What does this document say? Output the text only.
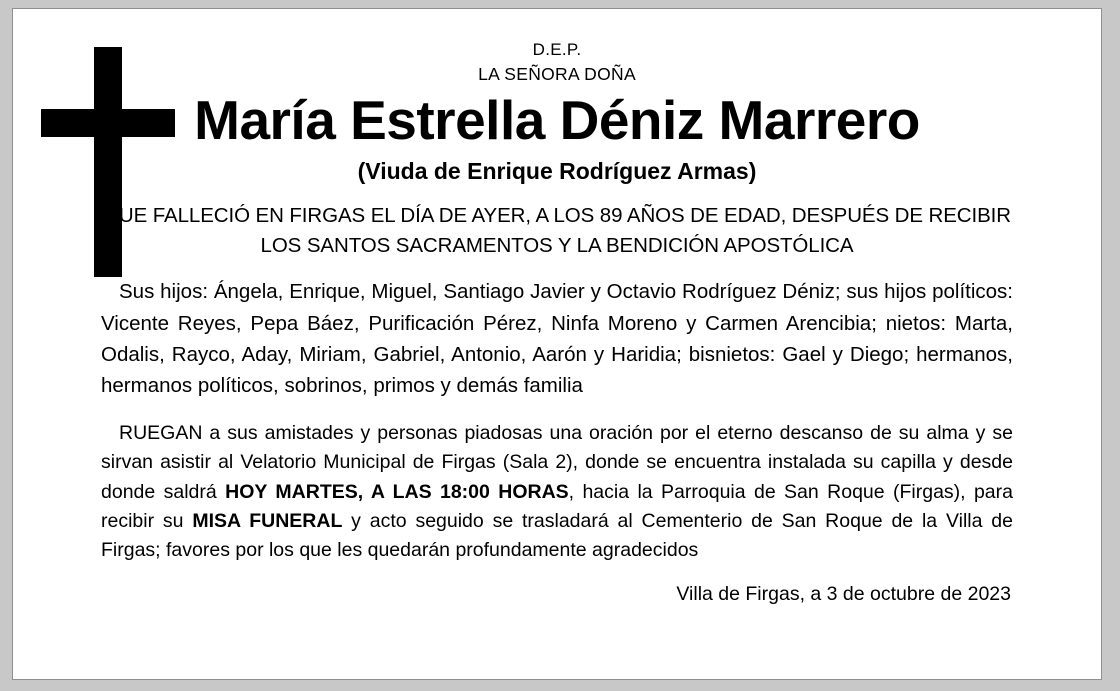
D.E.P.
LA SEÑORA DOÑA
María Estrella Déniz Marrero
(Viuda de Enrique Rodríguez Armas)
QUE FALLECIÓ EN FIRGAS EL DÍA DE AYER, A LOS 89 AÑOS DE EDAD, DESPUÉS DE RECIBIR LOS SANTOS SACRAMENTOS Y LA BENDICIÓN APOSTÓLICA
Sus hijos: Ángela, Enrique, Miguel, Santiago Javier y Octavio Rodríguez Déniz; sus hijos políticos: Vicente Reyes, Pepa Báez, Purificación Pérez, Ninfa Moreno y Carmen Arencibia; nietos: Marta, Odalis, Rayco, Aday, Miriam, Gabriel, Antonio, Aarón y Haridia; bisnietos: Gael y Diego; hermanos, hermanos políticos, sobrinos, primos y demás familia
RUEGAN a sus amistades y personas piadosas una oración por el eterno descanso de su alma y se sirvan asistir al Velatorio Municipal de Firgas (Sala 2), donde se encuentra instalada su capilla y desde donde saldrá HOY MARTES, A LAS 18:00 HORAS, hacia la Parroquia de San Roque (Firgas), para recibir su MISA FUNERAL y acto seguido se trasladará al Cementerio de San Roque de la Villa de Firgas; favores por los que les quedarán profundamente agradecidos
Villa de Firgas, a 3 de octubre de 2023
